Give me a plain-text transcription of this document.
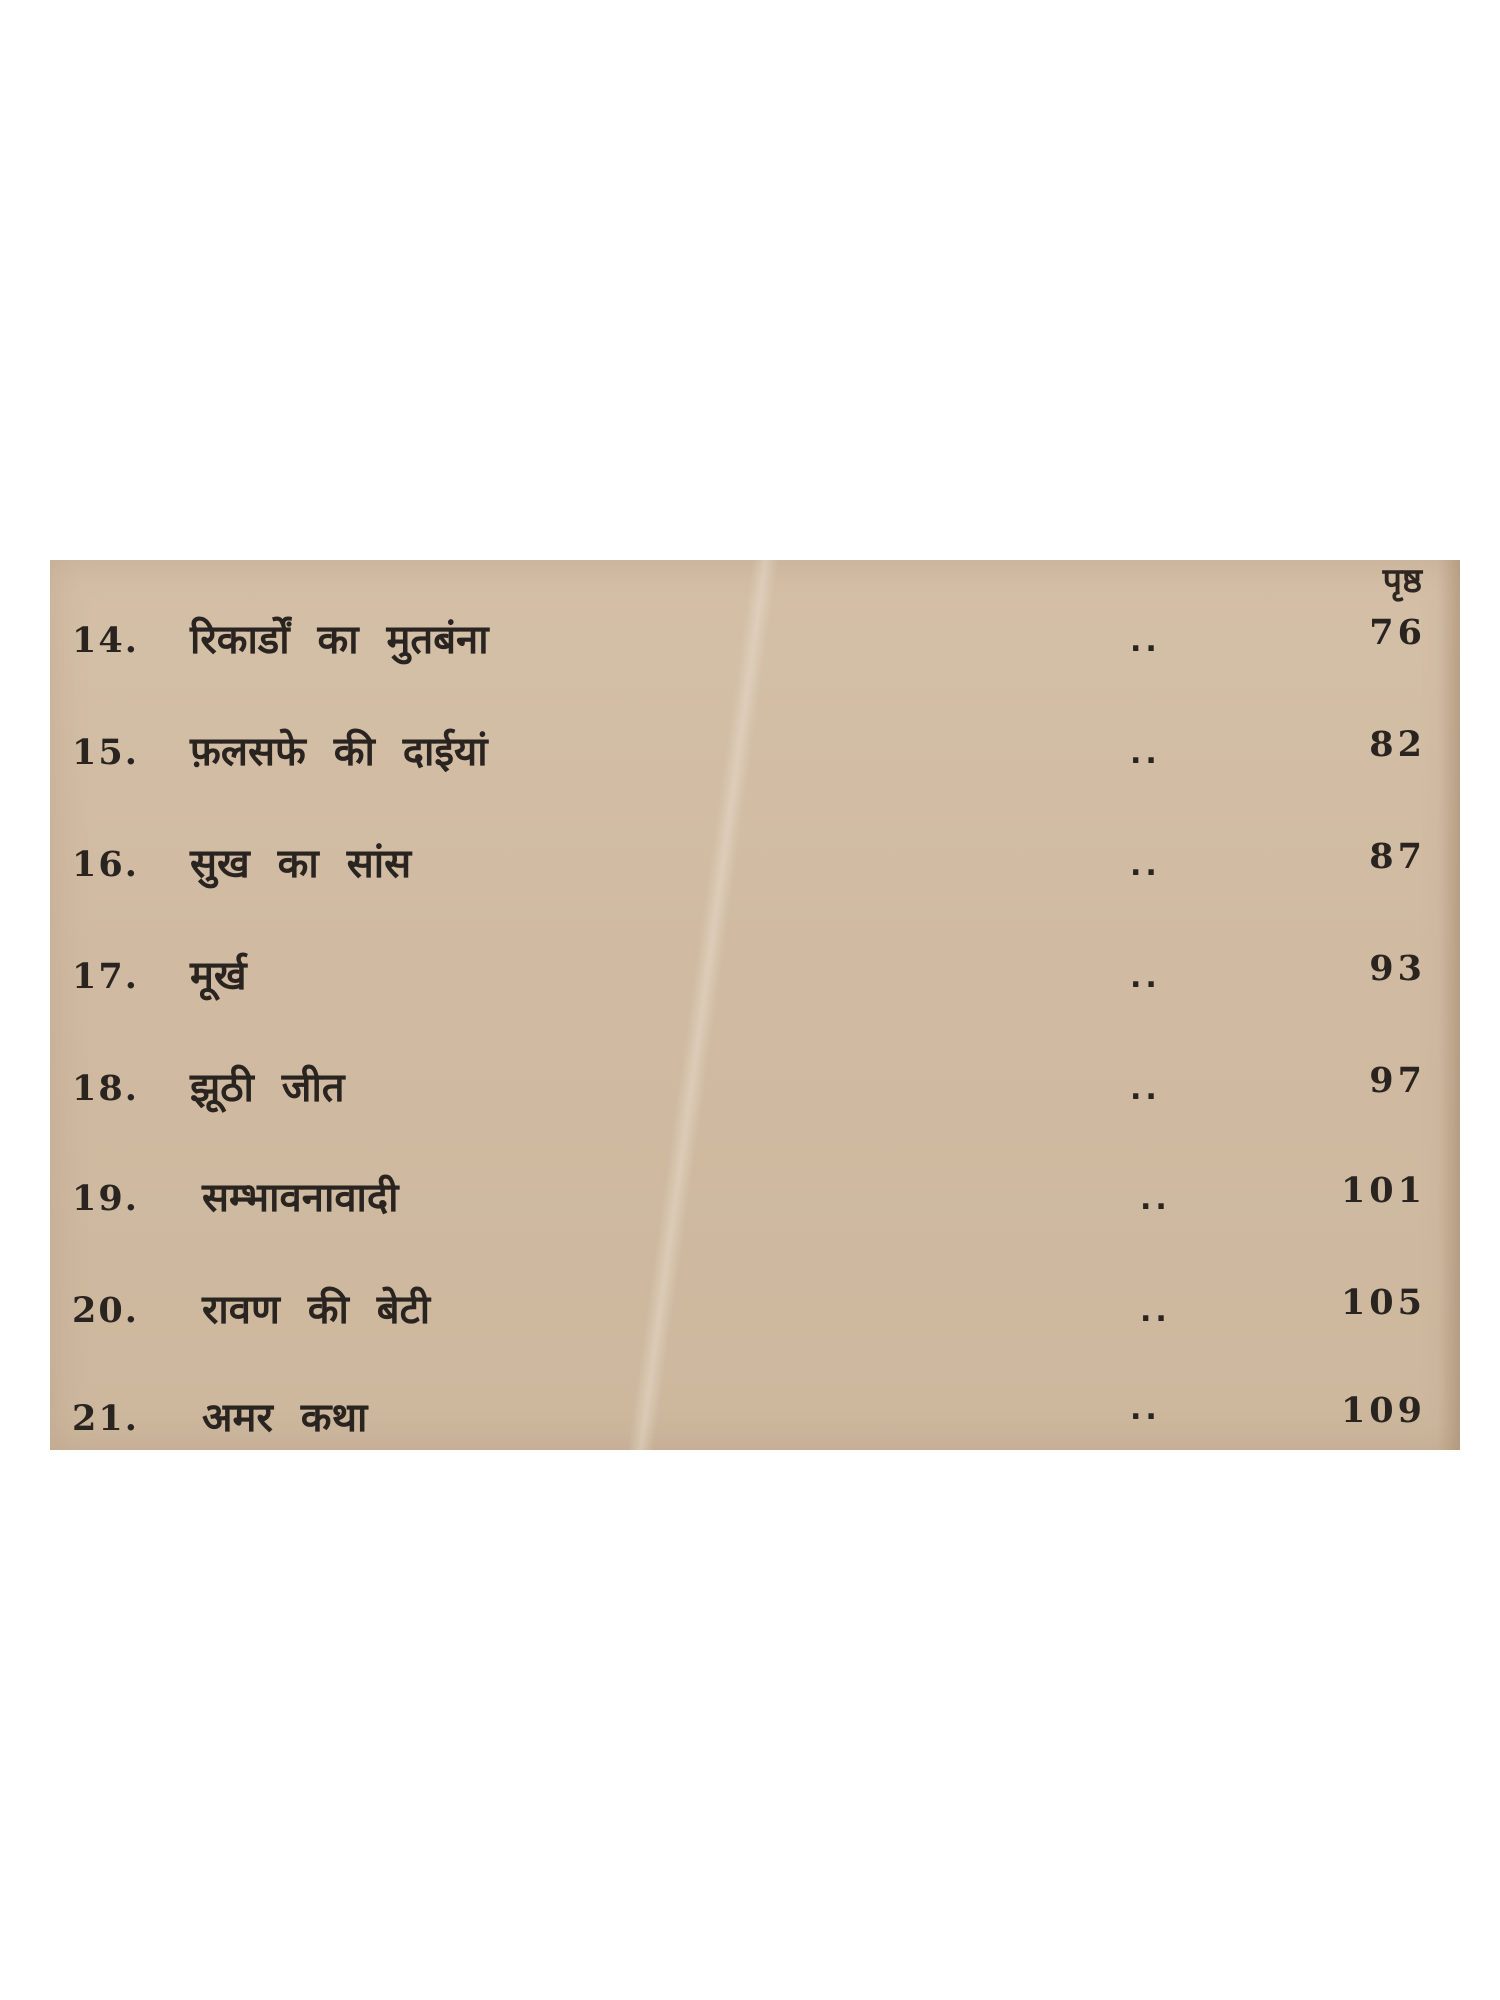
पृष्ठ
14. रिकार्डों का मुतबंना	..	76
15. फ़लसफे की दाईयां	..	82
16. सुख का सांस	..	87
17. मूर्ख	..	93
18. झूठी जीत	..	97
19. सम्भावनावादी	..	101
20. रावण की बेटी	..	105
21. अमर कथा	..	109
